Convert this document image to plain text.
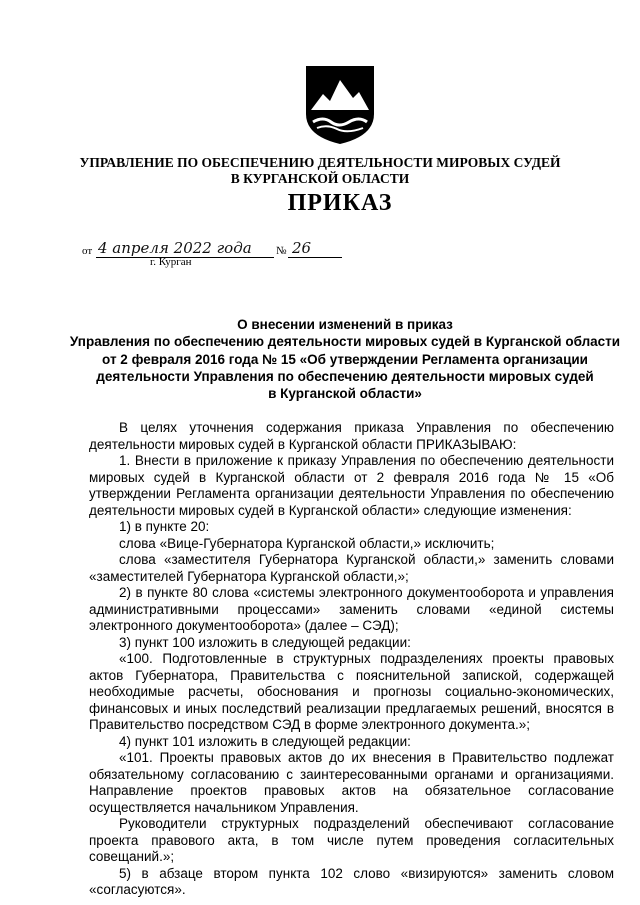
УПРАВЛЕНИЕ ПО ОБЕСПЕЧЕНИЮ ДЕЯТЕЛЬНОСТИ МИРОВЫХ СУДЕЙ
В КУРГАНСКОЙ ОБЛАСТИ
ПРИКАЗ
от 4 апреля 2022 года № 26
г. Курган
О внесении изменений в приказ
Управления по обеспечению деятельности мировых судей в Курганской области
от 2 февраля 2016 года № 15 «Об утверждении Регламента организации
деятельности Управления по обеспечению деятельности мировых судей
в Курганской области»

В целях уточнения содержания приказа Управления по обеспечению деятельности мировых судей в Курганской области ПРИКАЗЫВАЮ:

1. Внести в приложение к приказу Управления по обеспечению деятельности мировых судей в Курганской области от 2 февраля 2016 года № 15 «Об утверждении Регламента организации деятельности Управления по обеспечению деятельности мировых судей в Курганской области» следующие изменения:

1) в пункте 20:

слова «Вице-Губернатора Курганской области,» исключить;

слова «заместителя Губернатора Курганской области,» заменить словами «заместителей Губернатора Курганской области,»;

2) в пункте 80 слова «системы электронного документооборота и управления административными процессами» заменить словами «единой системы электронного документооборота» (далее – СЭД);

3) пункт 100 изложить в следующей редакции:

«100. Подготовленные в структурных подразделениях проекты правовых актов Губернатора, Правительства с пояснительной запиской, содержащей необходимые расчеты, обоснования и прогнозы социально-экономических, финансовых и иных последствий реализации предлагаемых решений, вносятся в Правительство посредством СЭД в форме электронного документа.»;

4) пункт 101 изложить в следующей редакции:

«101. Проекты правовых актов до их внесения в Правительство подлежат обязательному согласованию с заинтересованными органами и организациями. Направление проектов правовых актов на обязательное согласование осуществляется начальником Управления.

Руководители структурных подразделений обеспечивают согласование проекта правового акта, в том числе путем проведения согласительных совещаний.»;

5) в абзаце втором пункта 102 слово «визируются» заменить словом «согласуются».
